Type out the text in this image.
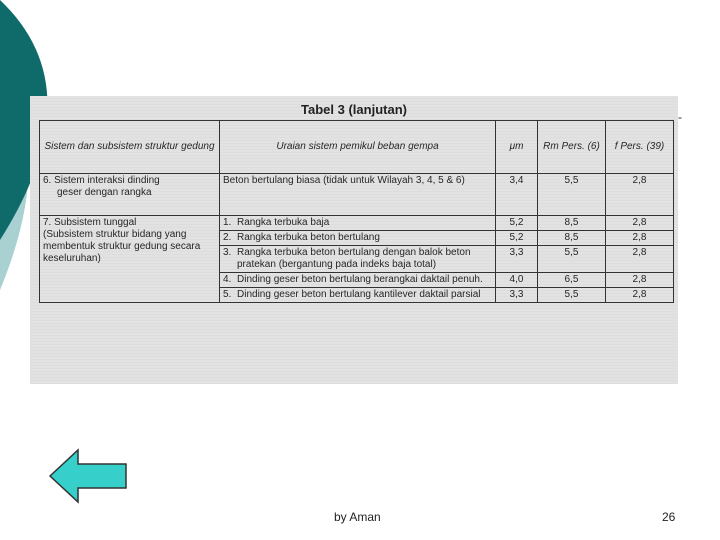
Tabel 3 (lanjutan)	-
Sistem dan subsistem struktur gedung	Uraian sistem pemikul beban gempa	μm	Rm Pers. (6)	f Pers. (39)

6. Sistem interaksi dinding
geser dengan rangka	Beton bertulang biasa (tidak untuk Wilayah 3, 4, 5 & 6)	3,4	5,5	2,8

7. Subsistem tunggal
(Subsistem struktur bidang yang membentuk struktur gedung secara keseluruhan)	1. Rangka terbuka baja	5,2	8,5	2,8

	2. Rangka terbuka beton bertulang	5,2	8,5	2,8

	3. Rangka terbuka beton bertulang dengan balok beton pratekan (bergantung pada indeks baja total)	3,3	5,5	2,8

	4. Dinding geser beton bertulang berangkai daktail penuh.	4,0	6,5	2,8

	5. Dinding geser beton bertulang kantilever daktail parsial	3,3	5,5	2,8
by Aman	26
